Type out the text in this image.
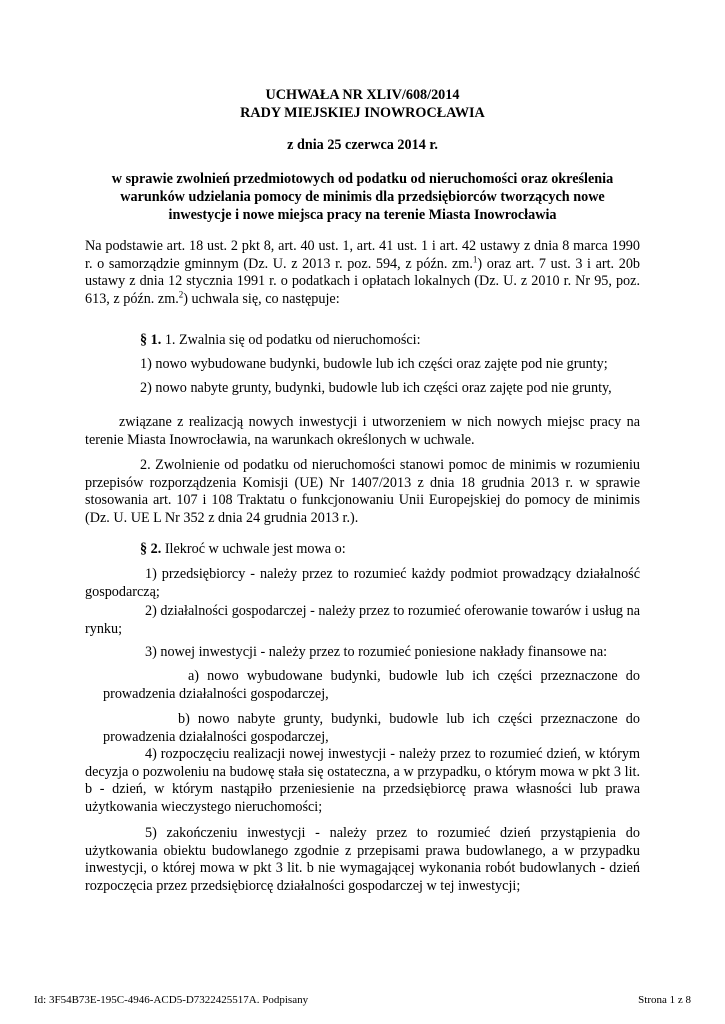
UCHWAŁA NR XLIV/608/2014
RADY MIEJSKIEJ INOWROCŁAWIA
z dnia 25 czerwca 2014 r.
w sprawie zwolnień przedmiotowych od podatku od nieruchomości oraz określenia warunków udzielania pomocy de minimis dla przedsiębiorców tworzących nowe inwestycje i nowe miejsca pracy na terenie Miasta Inowrocławia
Na podstawie art. 18 ust. 2 pkt 8, art. 40 ust. 1, art. 41 ust. 1 i art. 42 ustawy z dnia 8 marca 1990 r. o samorządzie gminnym (Dz. U. z 2013 r. poz. 594, z późn. zm.$^1$) oraz art. 7 ust. 3 i art. 20b ustawy z dnia 12 stycznia 1991 r. o podatkach i opłatach lokalnych (Dz. U. z 2010 r. Nr 95, poz. 613, z późn. zm.$^2$) uchwala się, co następuje:
§ 1. 1. Zwalnia się od podatku od nieruchomości:
1) nowo wybudowane budynki, budowle lub ich części oraz zajęte pod nie grunty;
2) nowo nabyte grunty, budynki, budowle lub ich części oraz zajęte pod nie grunty,
związane z realizacją nowych inwestycji i utworzeniem w nich nowych miejsc pracy na terenie Miasta Inowrocławia, na warunkach określonych w uchwale.
2. Zwolnienie od podatku od nieruchomości stanowi pomoc de minimis w rozumieniu przepisów rozporządzenia Komisji (UE) Nr 1407/2013 z dnia 18 grudnia 2013 r. w sprawie stosowania art. 107 i 108 Traktatu o funkcjonowaniu Unii Europejskiej do pomocy de minimis (Dz. U. UE L Nr 352 z dnia 24 grudnia 2013 r.).
§ 2. Ilekroć w uchwale jest mowa o:
1) przedsiębiorcy - należy przez to rozumieć każdy podmiot prowadzący działalność gospodarczą;
2) działalności gospodarczej - należy przez to rozumieć oferowanie towarów i usług na rynku;
3) nowej inwestycji - należy przez to rozumieć poniesione nakłady finansowe na:
a) nowo wybudowane budynki, budowle lub ich części przeznaczone do prowadzenia działalności gospodarczej,
b) nowo nabyte grunty, budynki, budowle lub ich części przeznaczone do prowadzenia działalności gospodarczej,
4) rozpoczęciu realizacji nowej inwestycji - należy przez to rozumieć dzień, w którym decyzja o pozwoleniu na budowę stała się ostateczna, a w przypadku, o którym mowa w pkt 3 lit. b - dzień, w którym nastąpiło przeniesienie na przedsiębiorcę prawa własności lub prawa użytkowania wieczystego nieruchomości;
5) zakończeniu inwestycji - należy przez to rozumieć dzień przystąpienia do użytkowania obiektu budowlanego zgodnie z przepisami prawa budowlanego, a w przypadku inwestycji, o której mowa w pkt 3 lit. b nie wymagającej wykonania robót budowlanych - dzień rozpoczęcia przez przedsiębiorcę działalności gospodarczej w tej inwestycji;
Id: 3F54B73E-195C-4946-ACD5-D7322425517A. Podpisany	Strona 1 z 8
